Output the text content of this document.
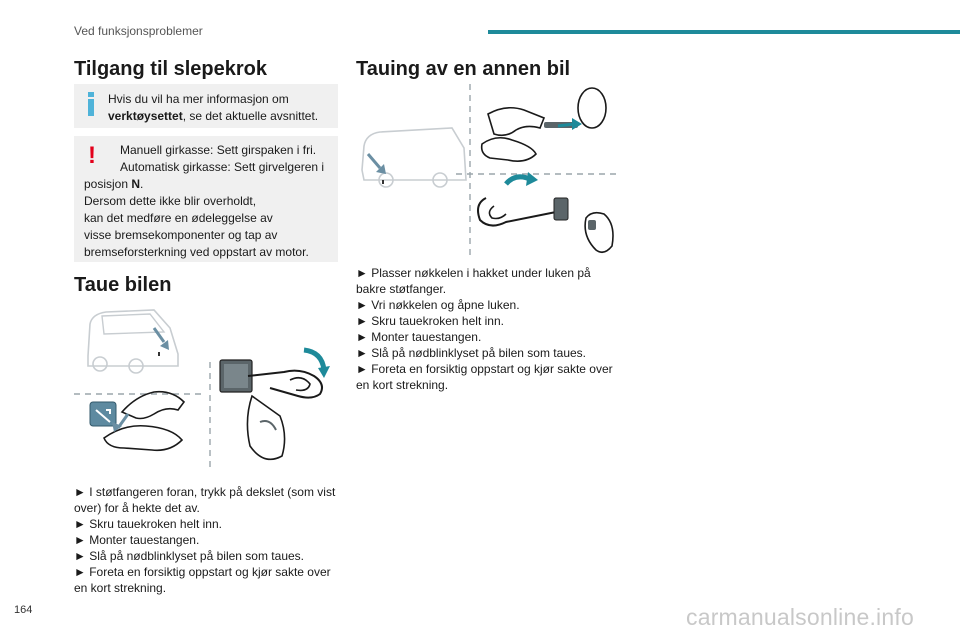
Ved funksjonsproblemer
Tilgang til slepekrok
Hvis du vil ha mer informasjon om
verktøysettet, se det aktuelle avsnittet.
!	Manuell girkasse: Sett girspaken i fri.
Automatisk girkasse: Sett girvelgeren i
posisjon N.
Dersom dette ikke blir overholdt,
kan det medføre en ødeleggelse av
visse bremsekomponenter og tap av
bremseforsterkning ved oppstart av motor.
Taue bilen

► I støtfangeren foran, trykk på dekslet (som vist over) for å hekte det av.

► Skru tauekroken helt inn.

► Monter tauestangen.

► Slå på nødblinklyset på bilen som taues.

► Foreta en forsiktig oppstart og kjør sakte over en kort strekning.

Tauing av en annen bil

► Plasser nøkkelen i hakket under luken på bakre støtfanger.

► Vri nøkkelen og åpne luken.

► Skru tauekroken helt inn.

► Monter tauestangen.

► Slå på nødblinklyset på bilen som taues.

► Foreta en forsiktig oppstart og kjør sakte over en kort strekning.

164	carmanualsonline.info
